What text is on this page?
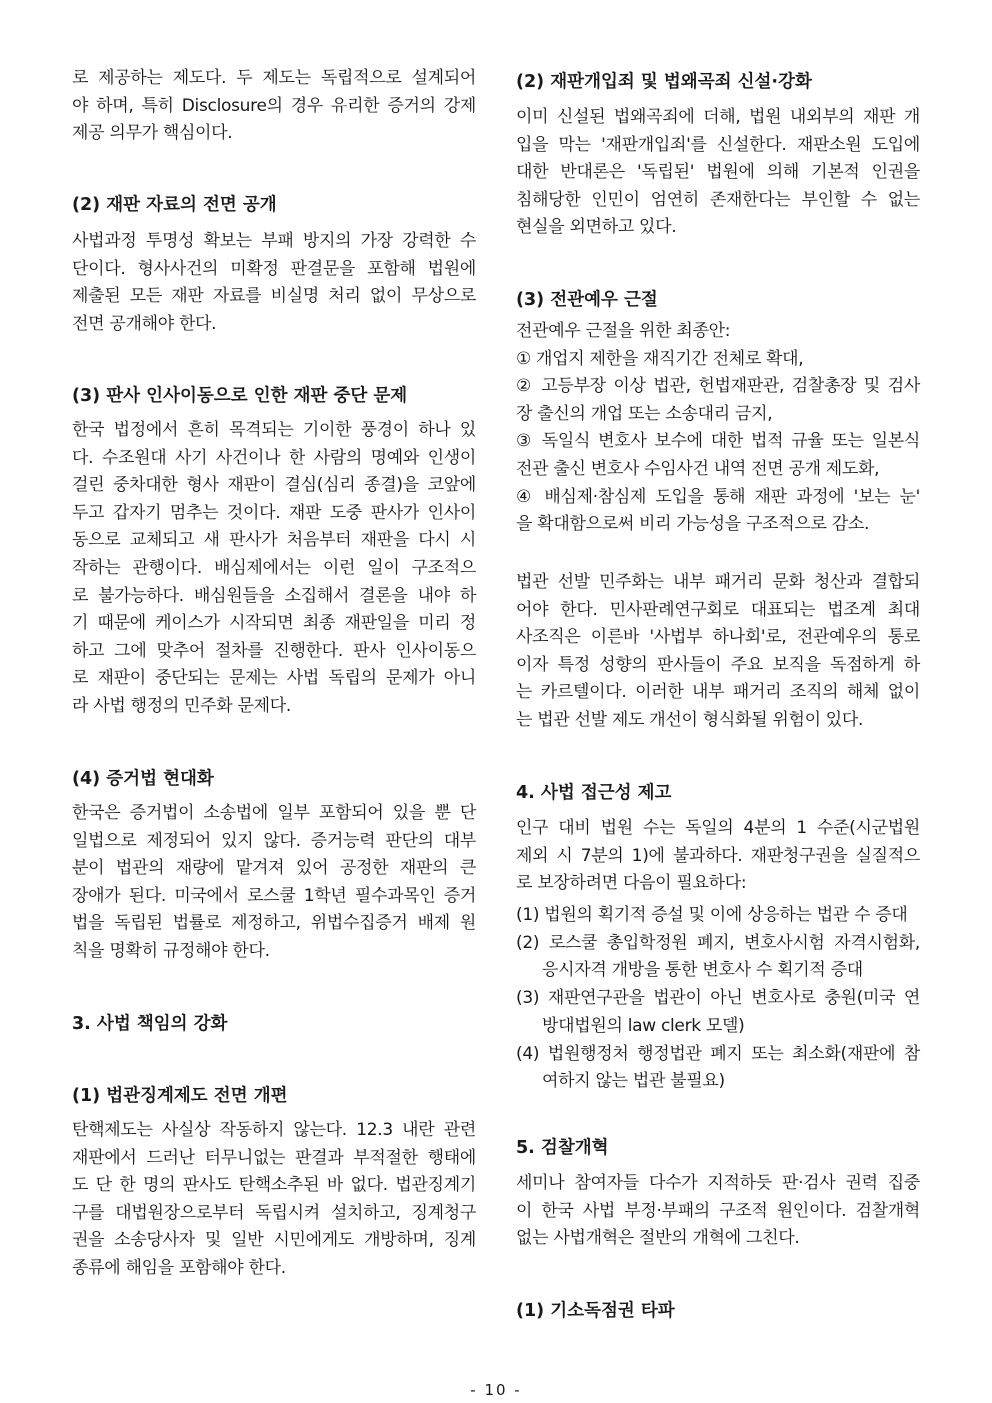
로 제공하는 제도다. 두 제도는 독립적으로 설계되어
야 하며, 특히 Disclosure의 경우 유리한 증거의 강제
제공 의무가 핵심이다.
(2) 재판 자료의 전면 공개
사법과정 투명성 확보는 부패 방지의 가장 강력한 수
단이다. 형사사건의 미확정 판결문을 포함해 법원에
제출된 모든 재판 자료를 비실명 처리 없이 무상으로
전면 공개해야 한다.
(3) 판사 인사이동으로 인한 재판 중단 문제
한국 법정에서 흔히 목격되는 기이한 풍경이 하나 있
다. 수조원대 사기 사건이나 한 사람의 명예와 인생이
걸린 중차대한 형사 재판이 결심(심리 종결)을 코앞에
두고 갑자기 멈추는 것이다. 재판 도중 판사가 인사이
동으로 교체되고 새 판사가 처음부터 재판을 다시 시
작하는 관행이다. 배심제에서는 이런 일이 구조적으
로 불가능하다. 배심원들을 소집해서 결론을 내야 하
기 때문에 케이스가 시작되면 최종 재판일을 미리 정
하고 그에 맞추어 절차를 진행한다. 판사 인사이동으
로 재판이 중단되는 문제는 사법 독립의 문제가 아니
라 사법 행정의 민주화 문제다.
(4) 증거법 현대화
한국은 증거법이 소송법에 일부 포함되어 있을 뿐 단
일법으로 제정되어 있지 않다. 증거능력 판단의 대부
분이 법관의 재량에 맡겨져 있어 공정한 재판의 큰
장애가 된다. 미국에서 로스쿨 1학년 필수과목인 증거
법을 독립된 법률로 제정하고, 위법수집증거 배제 원
칙을 명확히 규정해야 한다.
3. 사법 책임의 강화
(1) 법관징계제도 전면 개편
탄핵제도는 사실상 작동하지 않는다. 12.3 내란 관련
재판에서 드러난 터무니없는 판결과 부적절한 행태에
도 단 한 명의 판사도 탄핵소추된 바 없다. 법관징계기
구를 대법원장으로부터 독립시켜 설치하고, 징계청구
권을 소송당사자 및 일반 시민에게도 개방하며, 징계
종류에 해임을 포함해야 한다.
(2) 재판개입죄 및 법왜곡죄 신설·강화
이미 신설된 법왜곡죄에 더해, 법원 내외부의 재판 개
입을 막는 '재판개입죄'를 신설한다. 재판소원 도입에
대한 반대론은 '독립된' 법원에 의해 기본적 인권을
침해당한 인민이 엄연히 존재한다는 부인할 수 없는
현실을 외면하고 있다.
(3) 전관예우 근절
전관예우 근절을 위한 최종안:
① 개업지 제한을 재직기간 전체로 확대,
② 고등부장 이상 법관, 헌법재판관, 검찰총장 및 검사
장 출신의 개업 또는 소송대리 금지,
③ 독일식 변호사 보수에 대한 법적 규율 또는 일본식
전관 출신 변호사 수임사건 내역 전면 공개 제도화,
④ 배심제·참심제 도입을 통해 재판 과정에 '보는 눈'
을 확대함으로써 비리 가능성을 구조적으로 감소.
법관 선발 민주화는 내부 패거리 문화 청산과 결합되
어야 한다. 민사판례연구회로 대표되는 법조계 최대
사조직은 이른바 '사법부 하나회'로, 전관예우의 통로
이자 특정 성향의 판사들이 주요 보직을 독점하게 하
는 카르텔이다. 이러한 내부 패거리 조직의 해체 없이
는 법관 선발 제도 개선이 형식화될 위험이 있다.
4. 사법 접근성 제고
인구 대비 법원 수는 독일의 4분의 1 수준(시군법원
제외 시 7분의 1)에 불과하다. 재판청구권을 실질적으
로 보장하려면 다음이 필요하다:
(1) 법원의 획기적 증설 및 이에 상응하는 법관 수 증대
(2) 로스쿨 총입학정원 폐지, 변호사시험 자격시험화,
응시자격 개방을 통한 변호사 수 획기적 증대
(3) 재판연구관을 법관이 아닌 변호사로 충원(미국 연
방대법원의 law clerk 모델)
(4) 법원행정처 행정법관 폐지 또는 최소화(재판에 참
여하지 않는 법관 불필요)
5. 검찰개혁
세미나 참여자들 다수가 지적하듯 판·검사 권력 집중
이 한국 사법 부정·부패의 구조적 원인이다. 검찰개혁
없는 사법개혁은 절반의 개혁에 그친다.
(1) 기소독점권 타파
- 10 -
